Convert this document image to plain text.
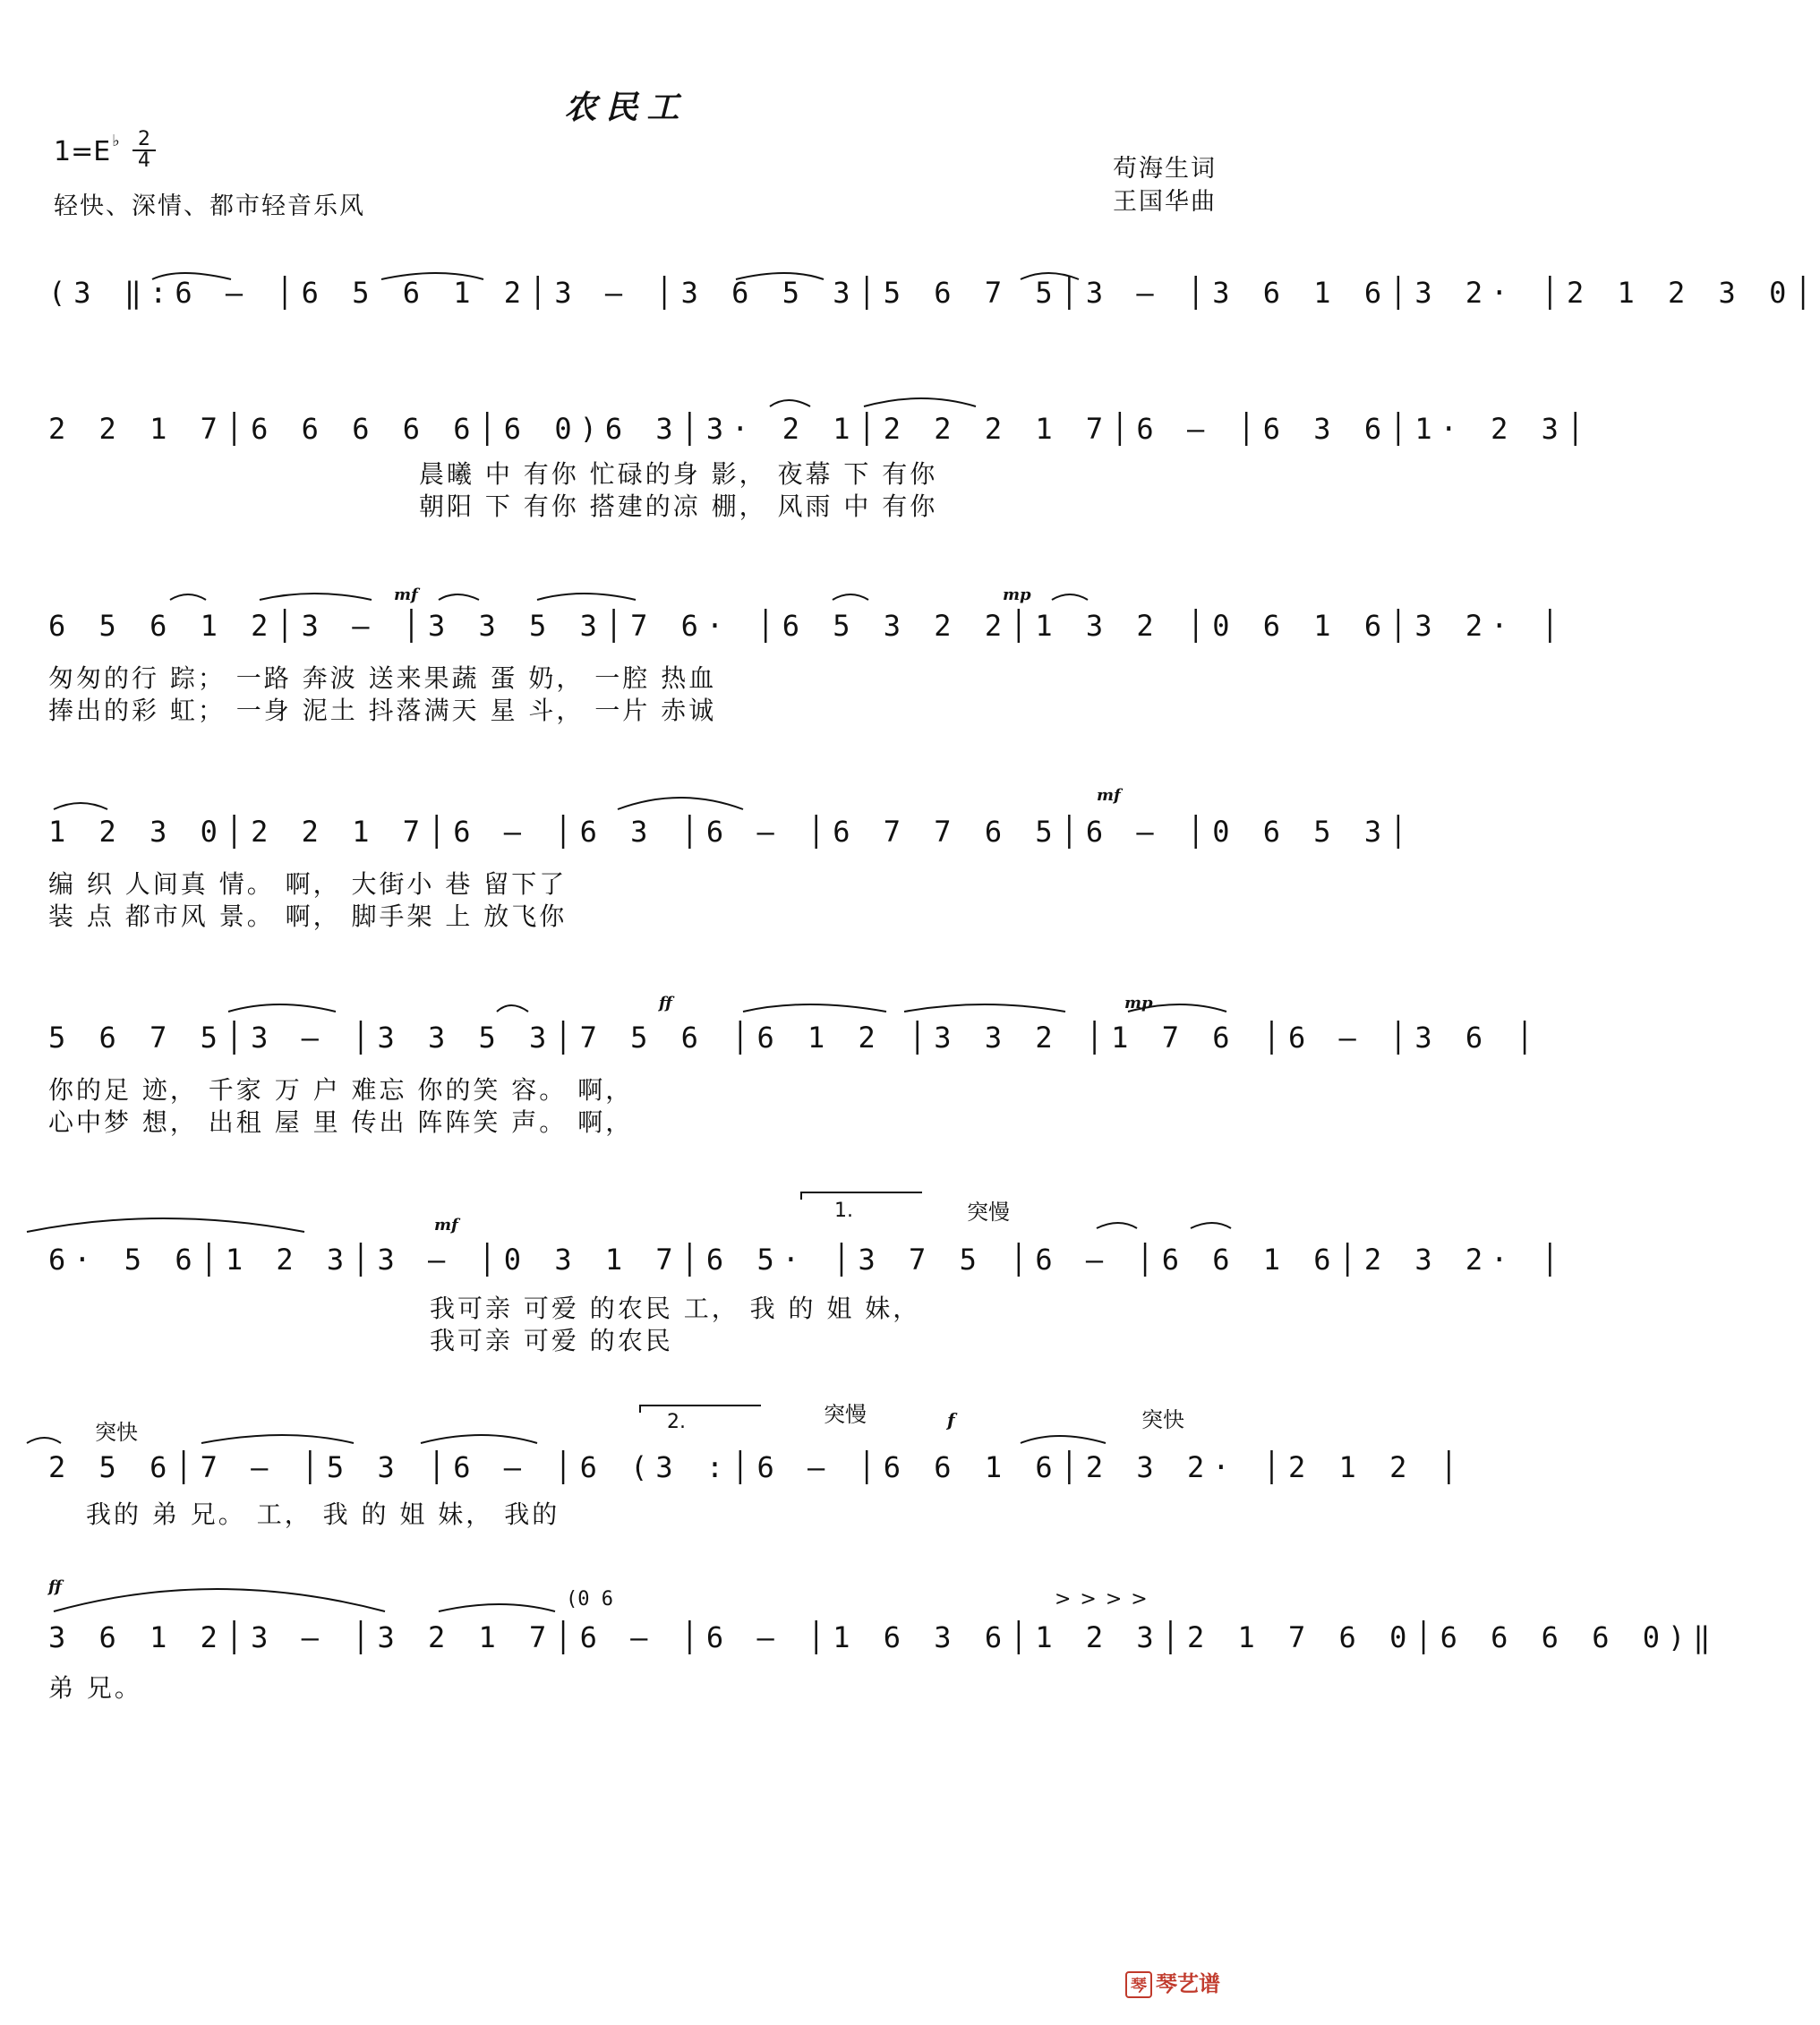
农民工
1=E ♭ 2
4
轻快、深情、都市轻音乐风
苟海生词
王国华曲
(3 ‖:6 — │6 5 6 1 2│3 — │3 6 5 3│5 6 7 5│3 — │3 6 1 6│3 2· │2 1 2 3 0│
2 2 1 7│6 6 6 6 6│6 0)6 3│3· 2 1│2 2 2 1 7│6 — │6 3 6│1· 2 3│
晨曦 中 有你 忙碌的身 影， 夜幕 下 有你
朝阳 下 有你 搭建的凉 棚， 风雨 中 有你
mf	mp
6 5 6 1 2│3 — │3 3 5 3│7 6· │6 5 3 2 2│1 3 2 │0 6 1 6│3 2· │
匆匆的行 踪； 一路 奔波 送来果蔬 蛋 奶， 一腔 热血
捧出的彩 虹； 一身 泥土 抖落满天 星 斗， 一片 赤诚
mf
1 2 3 0│2 2 1 7│6 — │6 3 │6 — │6 7 7 6 5│6 — │0 6 5 3│
编 织 人间真 情。 啊， 大街小 巷 留下了
装 点 都市风 景。 啊， 脚手架 上 放飞你
ff	mp
5 6 7 5│3 — │3 3 5 3│7 5 6 │6 1 2 │3 3 2 │1 7 6 │6 — │3 6 │
你的足 迹， 千家 万 户 难忘 你的笑 容。 啊，
心中梦 想， 出租 屋 里 传出 阵阵笑 声。 啊，
1.	突慢
mf
6· 5 6│1 2 3│3 — │0 3 1 7│6 5· │3 7 5 │6 — │6 6 1 6│2 3 2· │
我可亲 可爱 的农民 工， 我 的 姐 妹，
我可亲 可爱 的农民
突快	2.	突慢	突快
f
2 5 6│7 — │5 3 │6 — │6 (3 :│6 — │6 6 1 6│2 3 2· │2 1 2 │
我的 弟 兄。 工， 我 的 姐 妹， 我的
ff
(0 6	>>>>
3 6 1 2│3 — │3 2 1 7│6 — │6 — │1 6 3 6│1 2 3│2 1 7 6 0│6 6 6 6 0)‖
弟 兄。
琴 琴艺谱
